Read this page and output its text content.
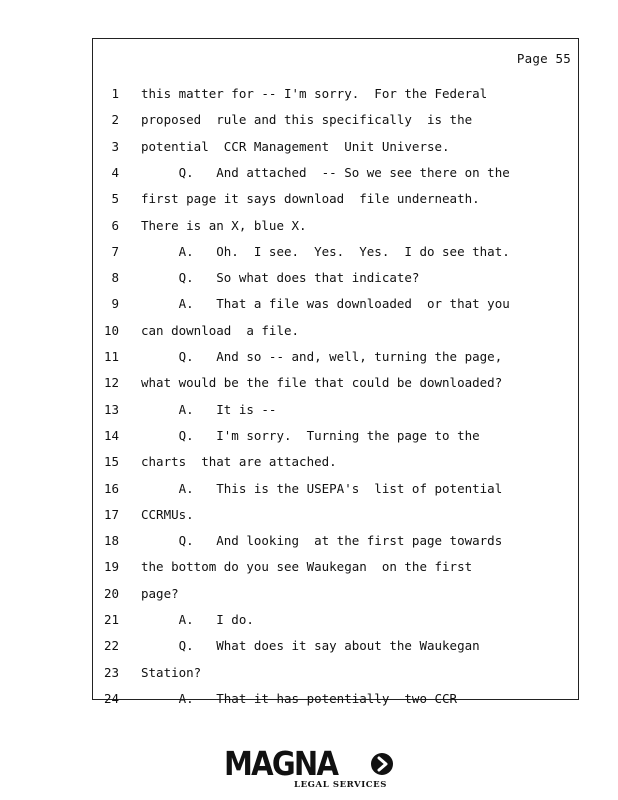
Page 55
1 this matter for -- I'm sorry.  For the Federal
2 proposed  rule and this specifically  is the
3 potential  CCR Management  Unit Universe.
4 Q.   And attached  -- So we see there on the
5 first page it says download  file underneath.
6 There is an X, blue X.
7 A.   Oh.  I see.  Yes.  Yes.  I do see that.
8 Q.   So what does that indicate?
9 A.   That a file was downloaded  or that you
10 can download  a file.
11 Q.   And so -- and, well, turning the page,
12 what would be the file that could be downloaded?
13 A.   It is --
14 Q.   I'm sorry.  Turning the page to the
15 charts  that are attached.
16 A.   This is the USEPA's  list of potential
17 CCRMUs.
18 Q.   And looking  at the first page towards
19 the bottom do you see Waukegan  on the first
20 page?
21 A.   I do.
22 Q.   What does it say about the Waukegan
23 Station?
24 A.   That it has potentially  two CCR
MAGNA
LEGAL SERVICES
